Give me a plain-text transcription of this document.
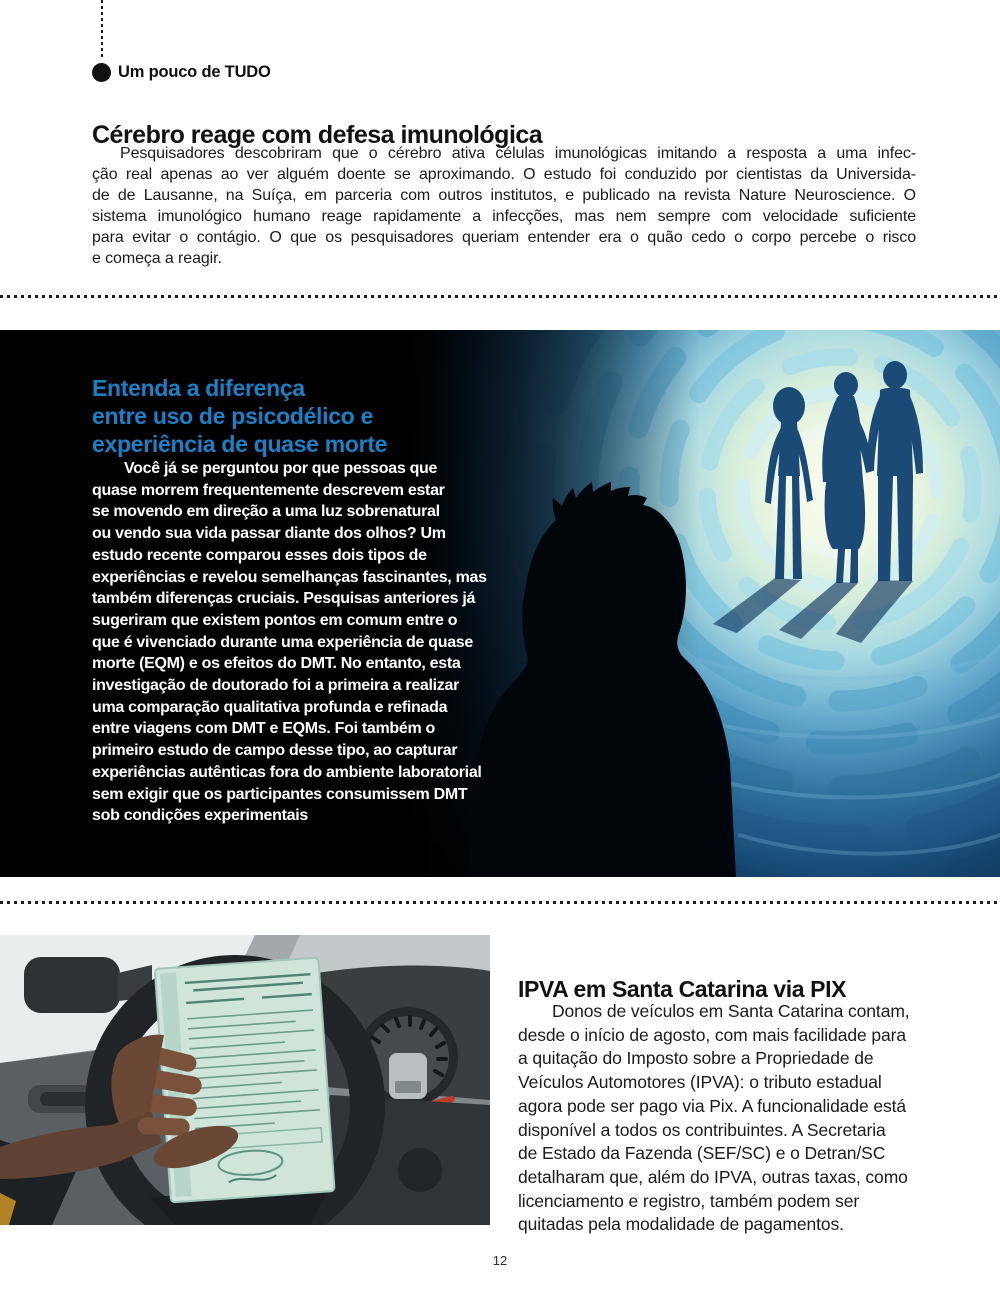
Um pouco de TUDO
Cérebro reage com defesa imunológica
Pesquisadores descobriram que o cérebro ativa células imunológicas imitando a resposta a uma infec-
ção real apenas ao ver alguém doente se aproximando. O estudo foi conduzido por cientistas da Universida-
de de Lausanne, na Suíça, em parceria com outros institutos, e publicado na revista Nature Neuroscience. O
sistema imunológico humano reage rapidamente a infecções, mas nem sempre com velocidade suficiente
para evitar o contágio. O que os pesquisadores queriam entender era o quão cedo o corpo percebe o risco
e começa a reagir.
Entenda a diferença
entre uso de psicodélico e
experiência de quase morte
Você já se perguntou por que pessoas que
quase morrem frequentemente descrevem estar
se movendo em direção a uma luz sobrenatural
ou vendo sua vida passar diante dos olhos? Um
estudo recente comparou esses dois tipos de
experiências e revelou semelhanças fascinantes, mas
também diferenças cruciais. Pesquisas anteriores já
sugeriram que existem pontos em comum entre o
que é vivenciado durante uma experiência de quase
morte (EQM) e os efeitos do DMT. No entanto, esta
investigação de doutorado foi a primeira a realizar
uma comparação qualitativa profunda e refinada
entre viagens com DMT e EQMs. Foi também o
primeiro estudo de campo desse tipo, ao capturar
experiências autênticas fora do ambiente laboratorial
sem exigir que os participantes consumissem DMT
sob condições experimentais
IPVA em Santa Catarina via PIX
Donos de veículos em Santa Catarina contam,
desde o início de agosto, com mais facilidade para
a quitação do Imposto sobre a Propriedade de
Veículos Automotores (IPVA): o tributo estadual
agora pode ser pago via Pix. A funcionalidade está
disponível a todos os contribuintes. A Secretaria
de Estado da Fazenda (SEF/SC) e o Detran/SC
detalharam que, além do IPVA, outras taxas, como
licenciamento e registro, também podem ser
quitadas pela modalidade de pagamentos.
12
